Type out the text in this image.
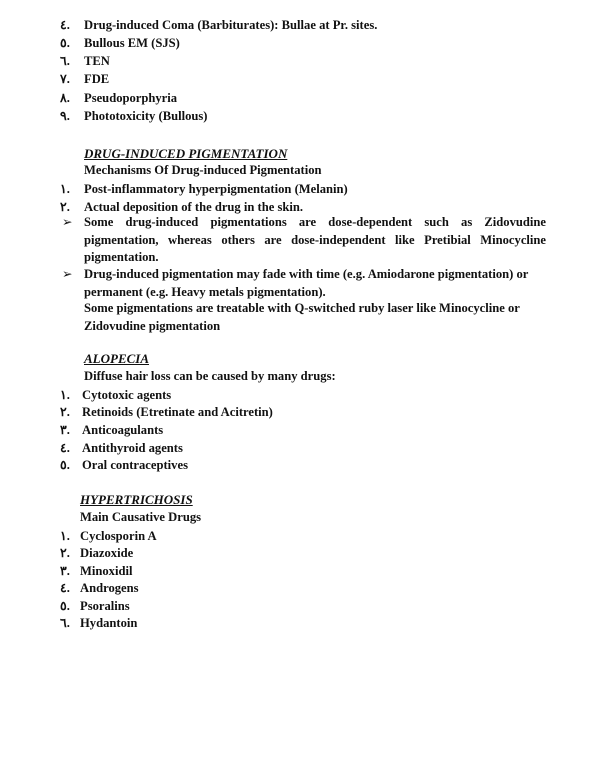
٤.	Drug-induced Coma (Barbiturates): Bullae at Pr. sites.
٥.	Bullous EM (SJS)
٦.	TEN
٧.	FDE
٨.	Pseudoporphyria
٩.	Phototoxicity (Bullous)
DRUG-INDUCED PIGMENTATION
Mechanisms Of Drug-induced Pigmentation
١.	Post-inflammatory hyperpigmentation (Melanin)
٢.	Actual deposition of the drug in the skin.
➢ Some drug-induced pigmentations are dose-dependent such as Zidovudine pigmentation, whereas others are dose-independent like Pretibial Minocycline pigmentation.
➢ Drug-induced pigmentation may fade with time (e.g. Amiodarone pigmentation) or permanent (e.g. Heavy metals pigmentation).
Some pigmentations are treatable with Q-switched ruby laser like Minocycline or Zidovudine pigmentation
ALOPECIA
Diffuse hair loss can be caused by many drugs:
١. Cytotoxic agents
٢. Retinoids (Etretinate and Acitretin)
٣. Anticoagulants
٤. Antithyroid agents
٥. Oral contraceptives
HYPERTRICHOSIS
Main Causative Drugs
١. Cyclosporin A
٢. Diazoxide
٣. Minoxidil
٤. Androgens
٥. Psoralins
٦. Hydantoin
